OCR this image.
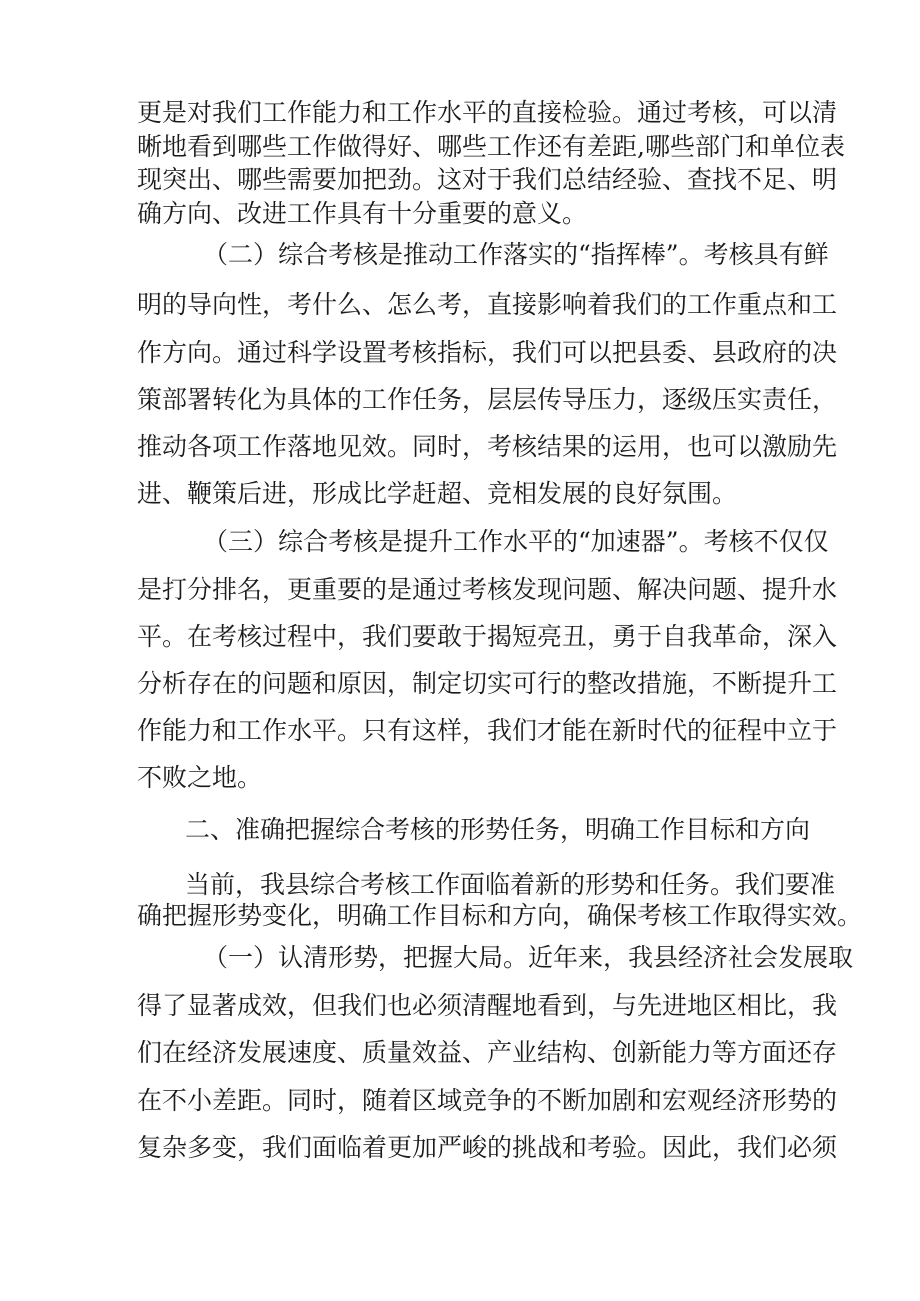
更是对我们工作能力和工作水平的直接检验。通过考核，可以清
晰地看到哪些工作做得好、哪些工作还有差距,哪些部门和单位表
现突出、哪些需要加把劲。这对于我们总结经验、查找不足、明
确方向、改进工作具有十分重要的意义。
（二）综合考核是推动工作落实的“指挥棒”。考核具有鲜
明的导向性，考什么、怎么考，直接影响着我们的工作重点和工
作方向。通过科学设置考核指标，我们可以把县委、县政府的决
策部署转化为具体的工作任务，层层传导压力，逐级压实责任，
推动各项工作落地见效。同时，考核结果的运用，也可以激励先
进、鞭策后进，形成比学赶超、竞相发展的良好氛围。
（三）综合考核是提升工作水平的“加速器”。考核不仅仅
是打分排名，更重要的是通过考核发现问题、解决问题、提升水
平。在考核过程中，我们要敢于揭短亮丑，勇于自我革命，深入
分析存在的问题和原因，制定切实可行的整改措施，不断提升工
作能力和工作水平。只有这样，我们才能在新时代的征程中立于
不败之地。
二、准确把握综合考核的形势任务，明确工作目标和方向
当前，我县综合考核工作面临着新的形势和任务。我们要准
确把握形势变化，明确工作目标和方向，确保考核工作取得实效。
（一）认清形势，把握大局。近年来，我县经济社会发展取
得了显著成效，但我们也必须清醒地看到，与先进地区相比，我
们在经济发展速度、质量效益、产业结构、创新能力等方面还存
在不小差距。同时，随着区域竞争的不断加剧和宏观经济形势的
复杂多变，我们面临着更加严峻的挑战和考验。因此，我们必须
